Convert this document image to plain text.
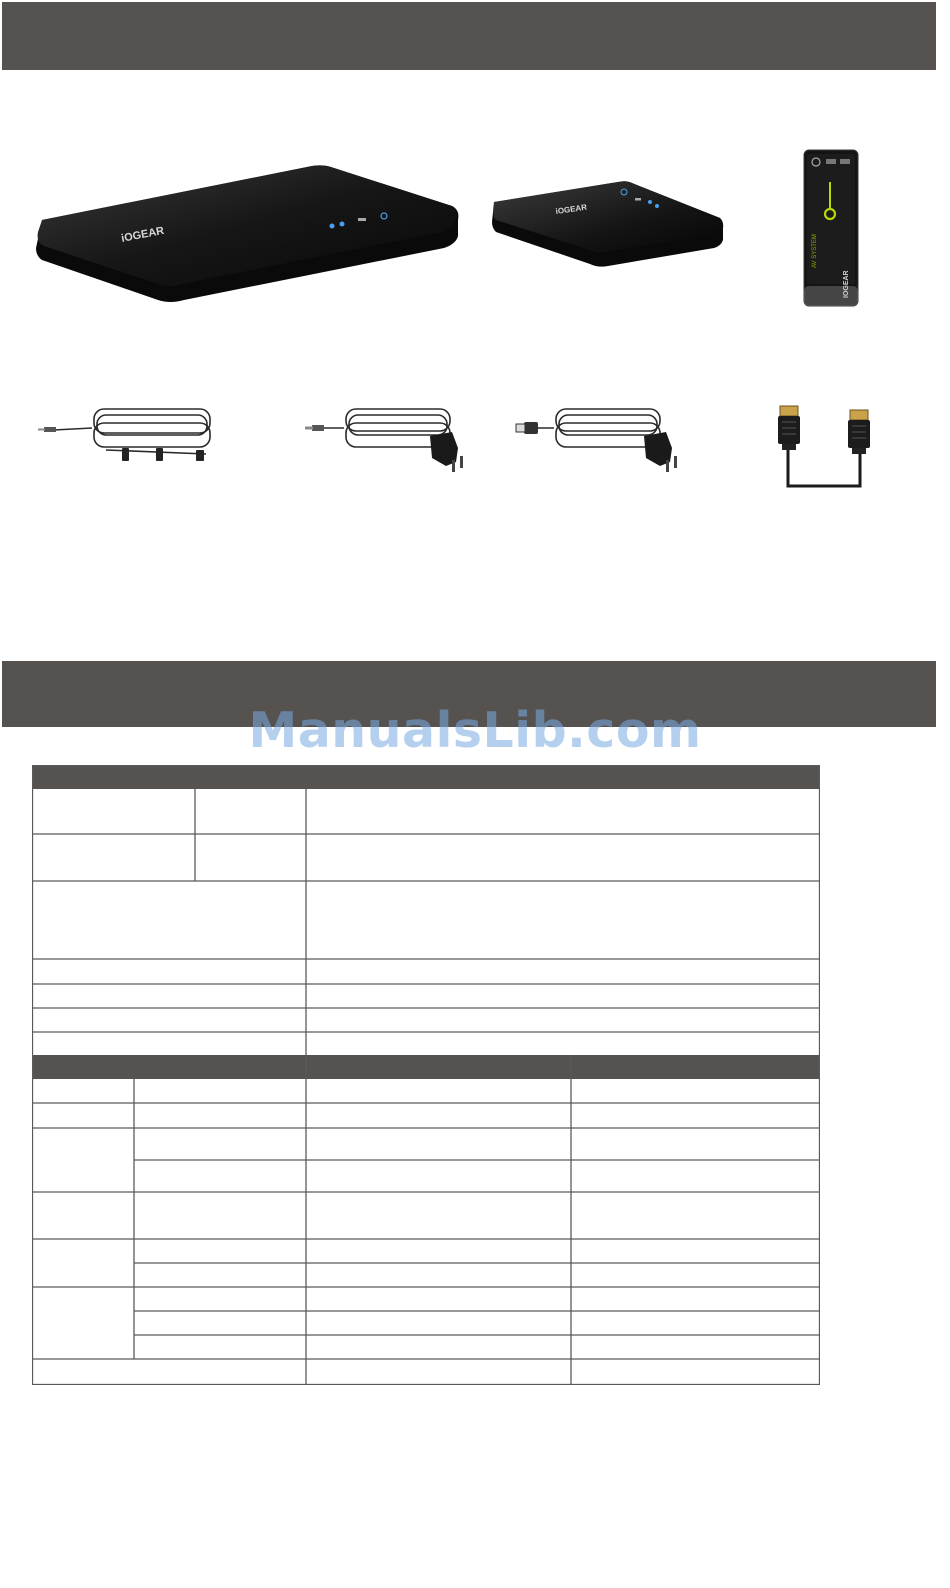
iOGEAR
iOGEAR
AV SYSTEM
IOGEAR
ManualsLib.com
